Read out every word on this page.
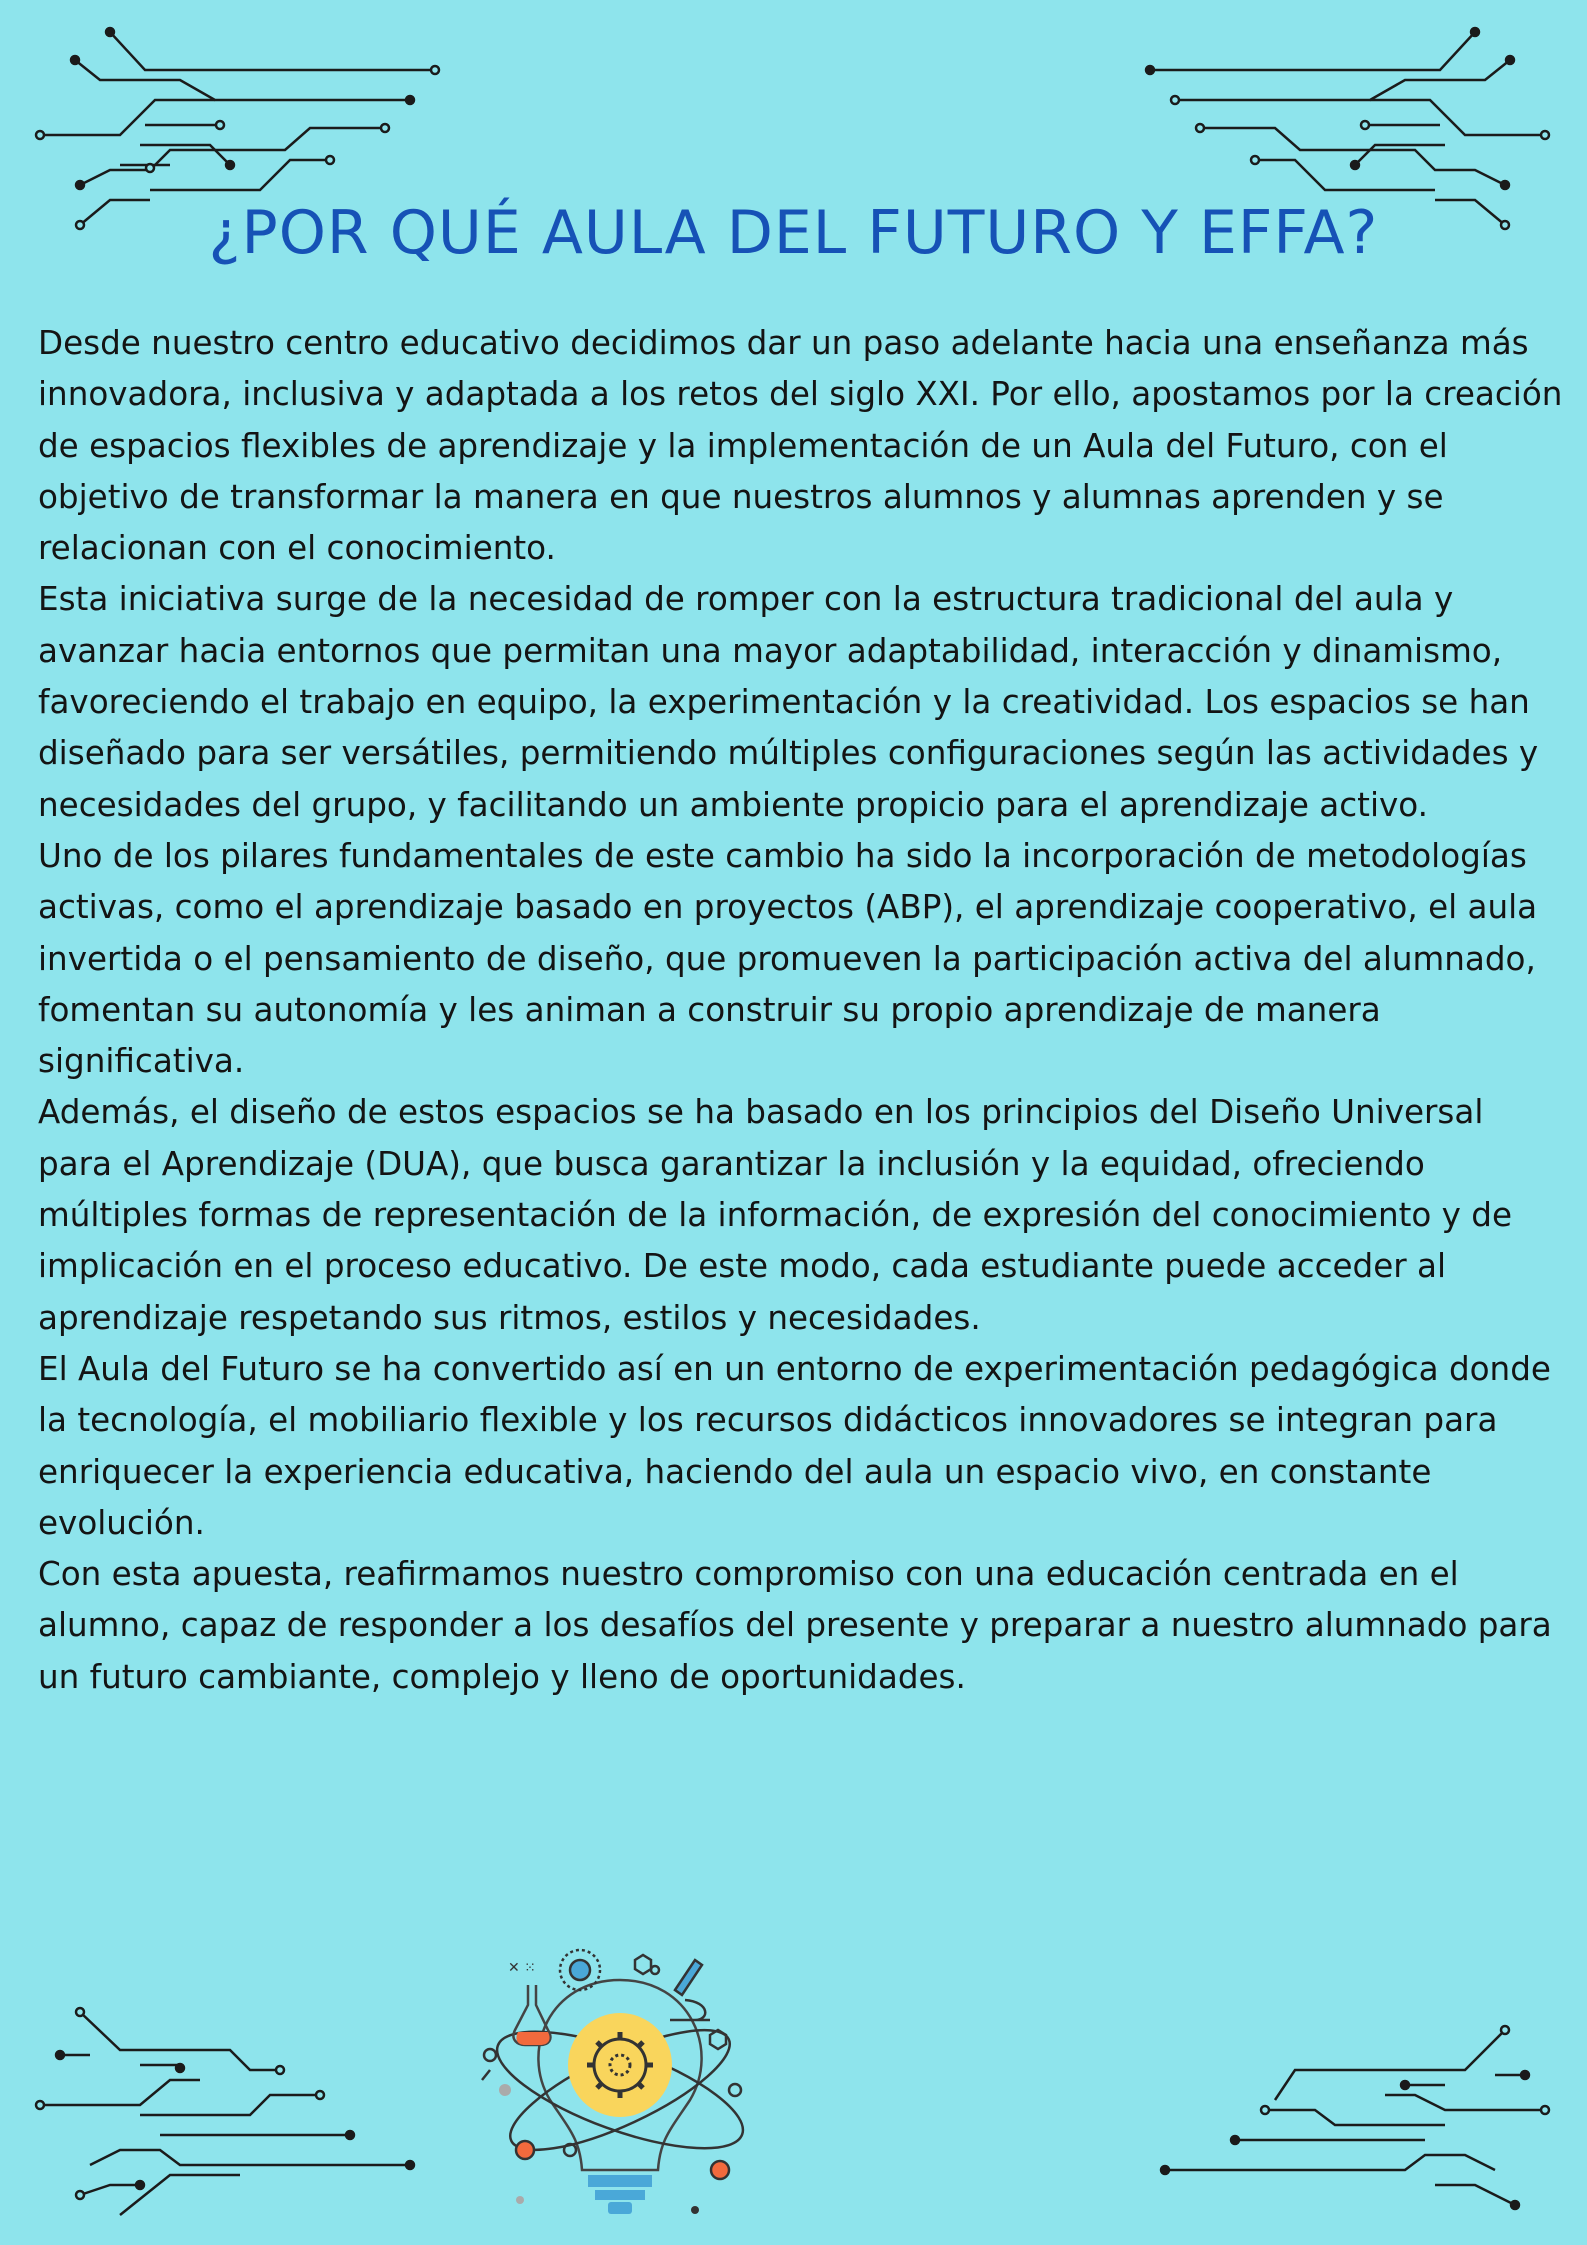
¿POR QUÉ AULA DEL FUTURO Y EFFA?

Desde nuestro centro educativo decidimos dar un paso adelante hacia una enseñanza más innovadora, inclusiva y adaptada a los retos del siglo XXI. Por ello, apostamos por la creación de espacios flexibles de aprendizaje y la implementación de un Aula del Futuro, con el objetivo de transformar la manera en que nuestros alumnos y alumnas aprenden y se relacionan con el conocimiento.

Esta iniciativa surge de la necesidad de romper con la estructura tradicional del aula y avanzar hacia entornos que permitan una mayor adaptabilidad, interacción y dinamismo, favoreciendo el trabajo en equipo, la experimentación y la creatividad. Los espacios se han diseñado para ser versátiles, permitiendo múltiples configuraciones según las actividades y necesidades del grupo, y facilitando un ambiente propicio para el aprendizaje activo.

Uno de los pilares fundamentales de este cambio ha sido la incorporación de metodologías activas, como el aprendizaje basado en proyectos (ABP), el aprendizaje cooperativo, el aula invertida o el pensamiento de diseño, que promueven la participación activa del alumnado, fomentan su autonomía y les animan a construir su propio aprendizaje de manera significativa.

Además, el diseño de estos espacios se ha basado en los principios del Diseño Universal para el Aprendizaje (DUA), que busca garantizar la inclusión y la equidad, ofreciendo múltiples formas de representación de la información, de expresión del conocimiento y de implicación en el proceso educativo. De este modo, cada estudiante puede acceder al aprendizaje respetando sus ritmos, estilos y necesidades.

El Aula del Futuro se ha convertido así en un entorno de experimentación pedagógica donde la tecnología, el mobiliario flexible y los recursos didácticos innovadores se integran para enriquecer la experiencia educativa, haciendo del aula un espacio vivo, en constante evolución.

Con esta apuesta, reafirmamos nuestro compromiso con una educación centrada en el alumno, capaz de responder a los desafíos del presente y preparar a nuestro alumnado para un futuro cambiante, complejo y lleno de oportunidades.

✕ ⁙
